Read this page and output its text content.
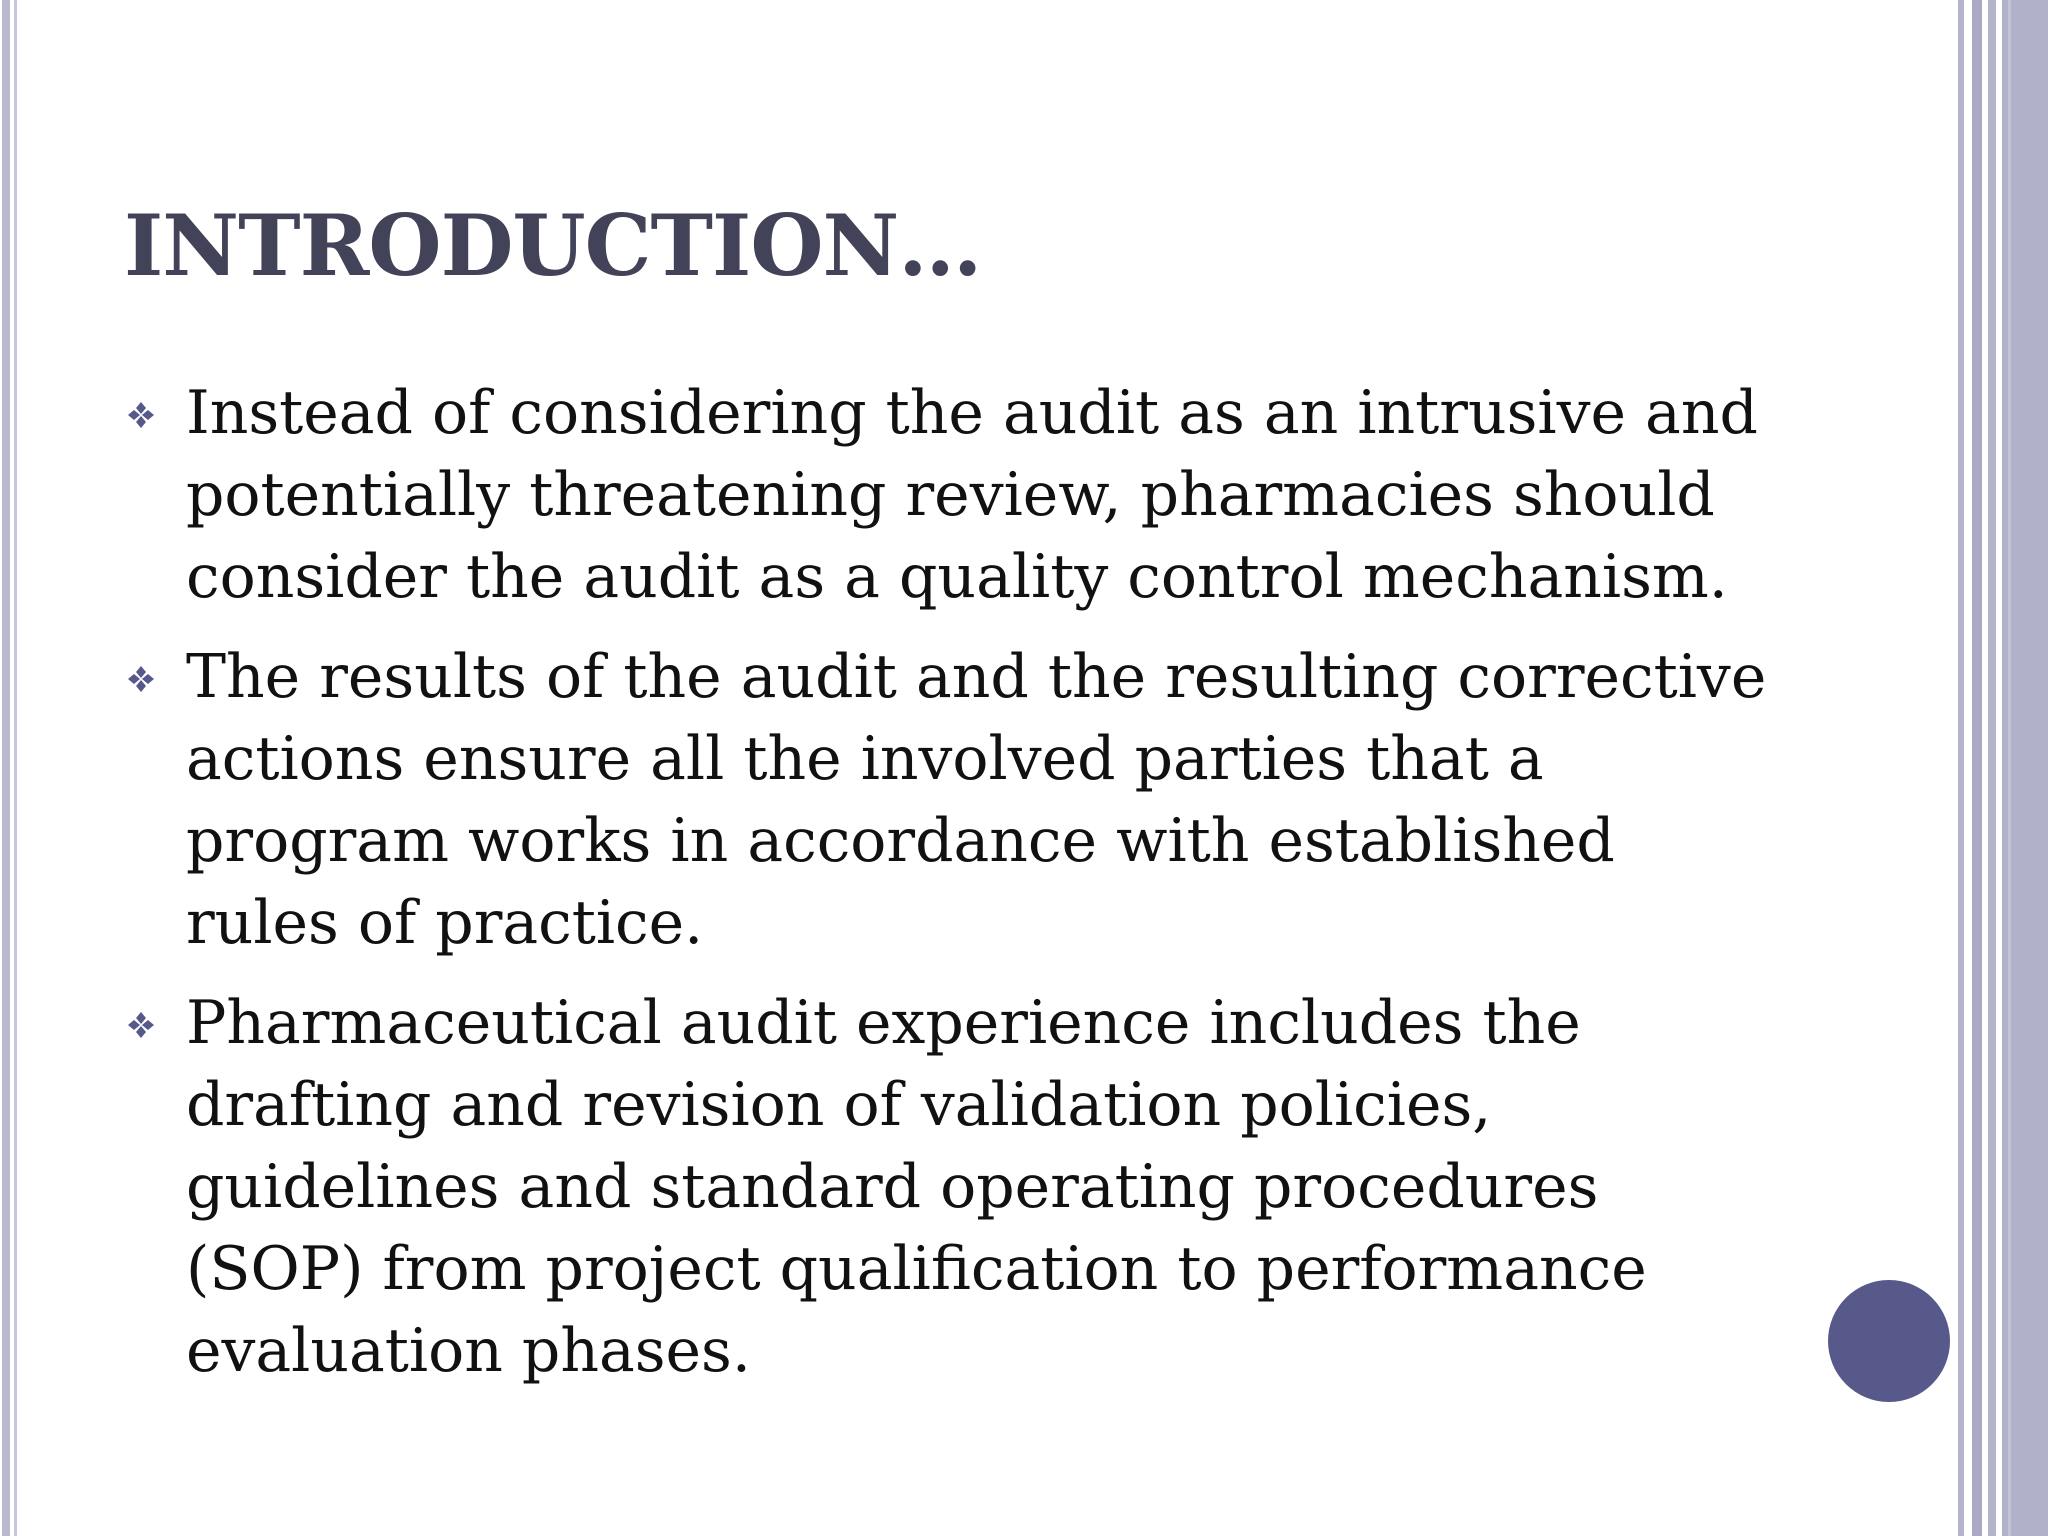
INTRODUCTION…
Instead of considering the audit as an intrusive and potentially threatening review, pharmacies should consider the audit as a quality control mechanism.
The results of the audit and the resulting corrective actions ensure all the involved parties that a program works in accordance with established rules of practice.
Pharmaceutical audit experience includes the drafting and revision of validation policies, guidelines and standard operating procedures (SOP) from project qualification to performance evaluation phases.
